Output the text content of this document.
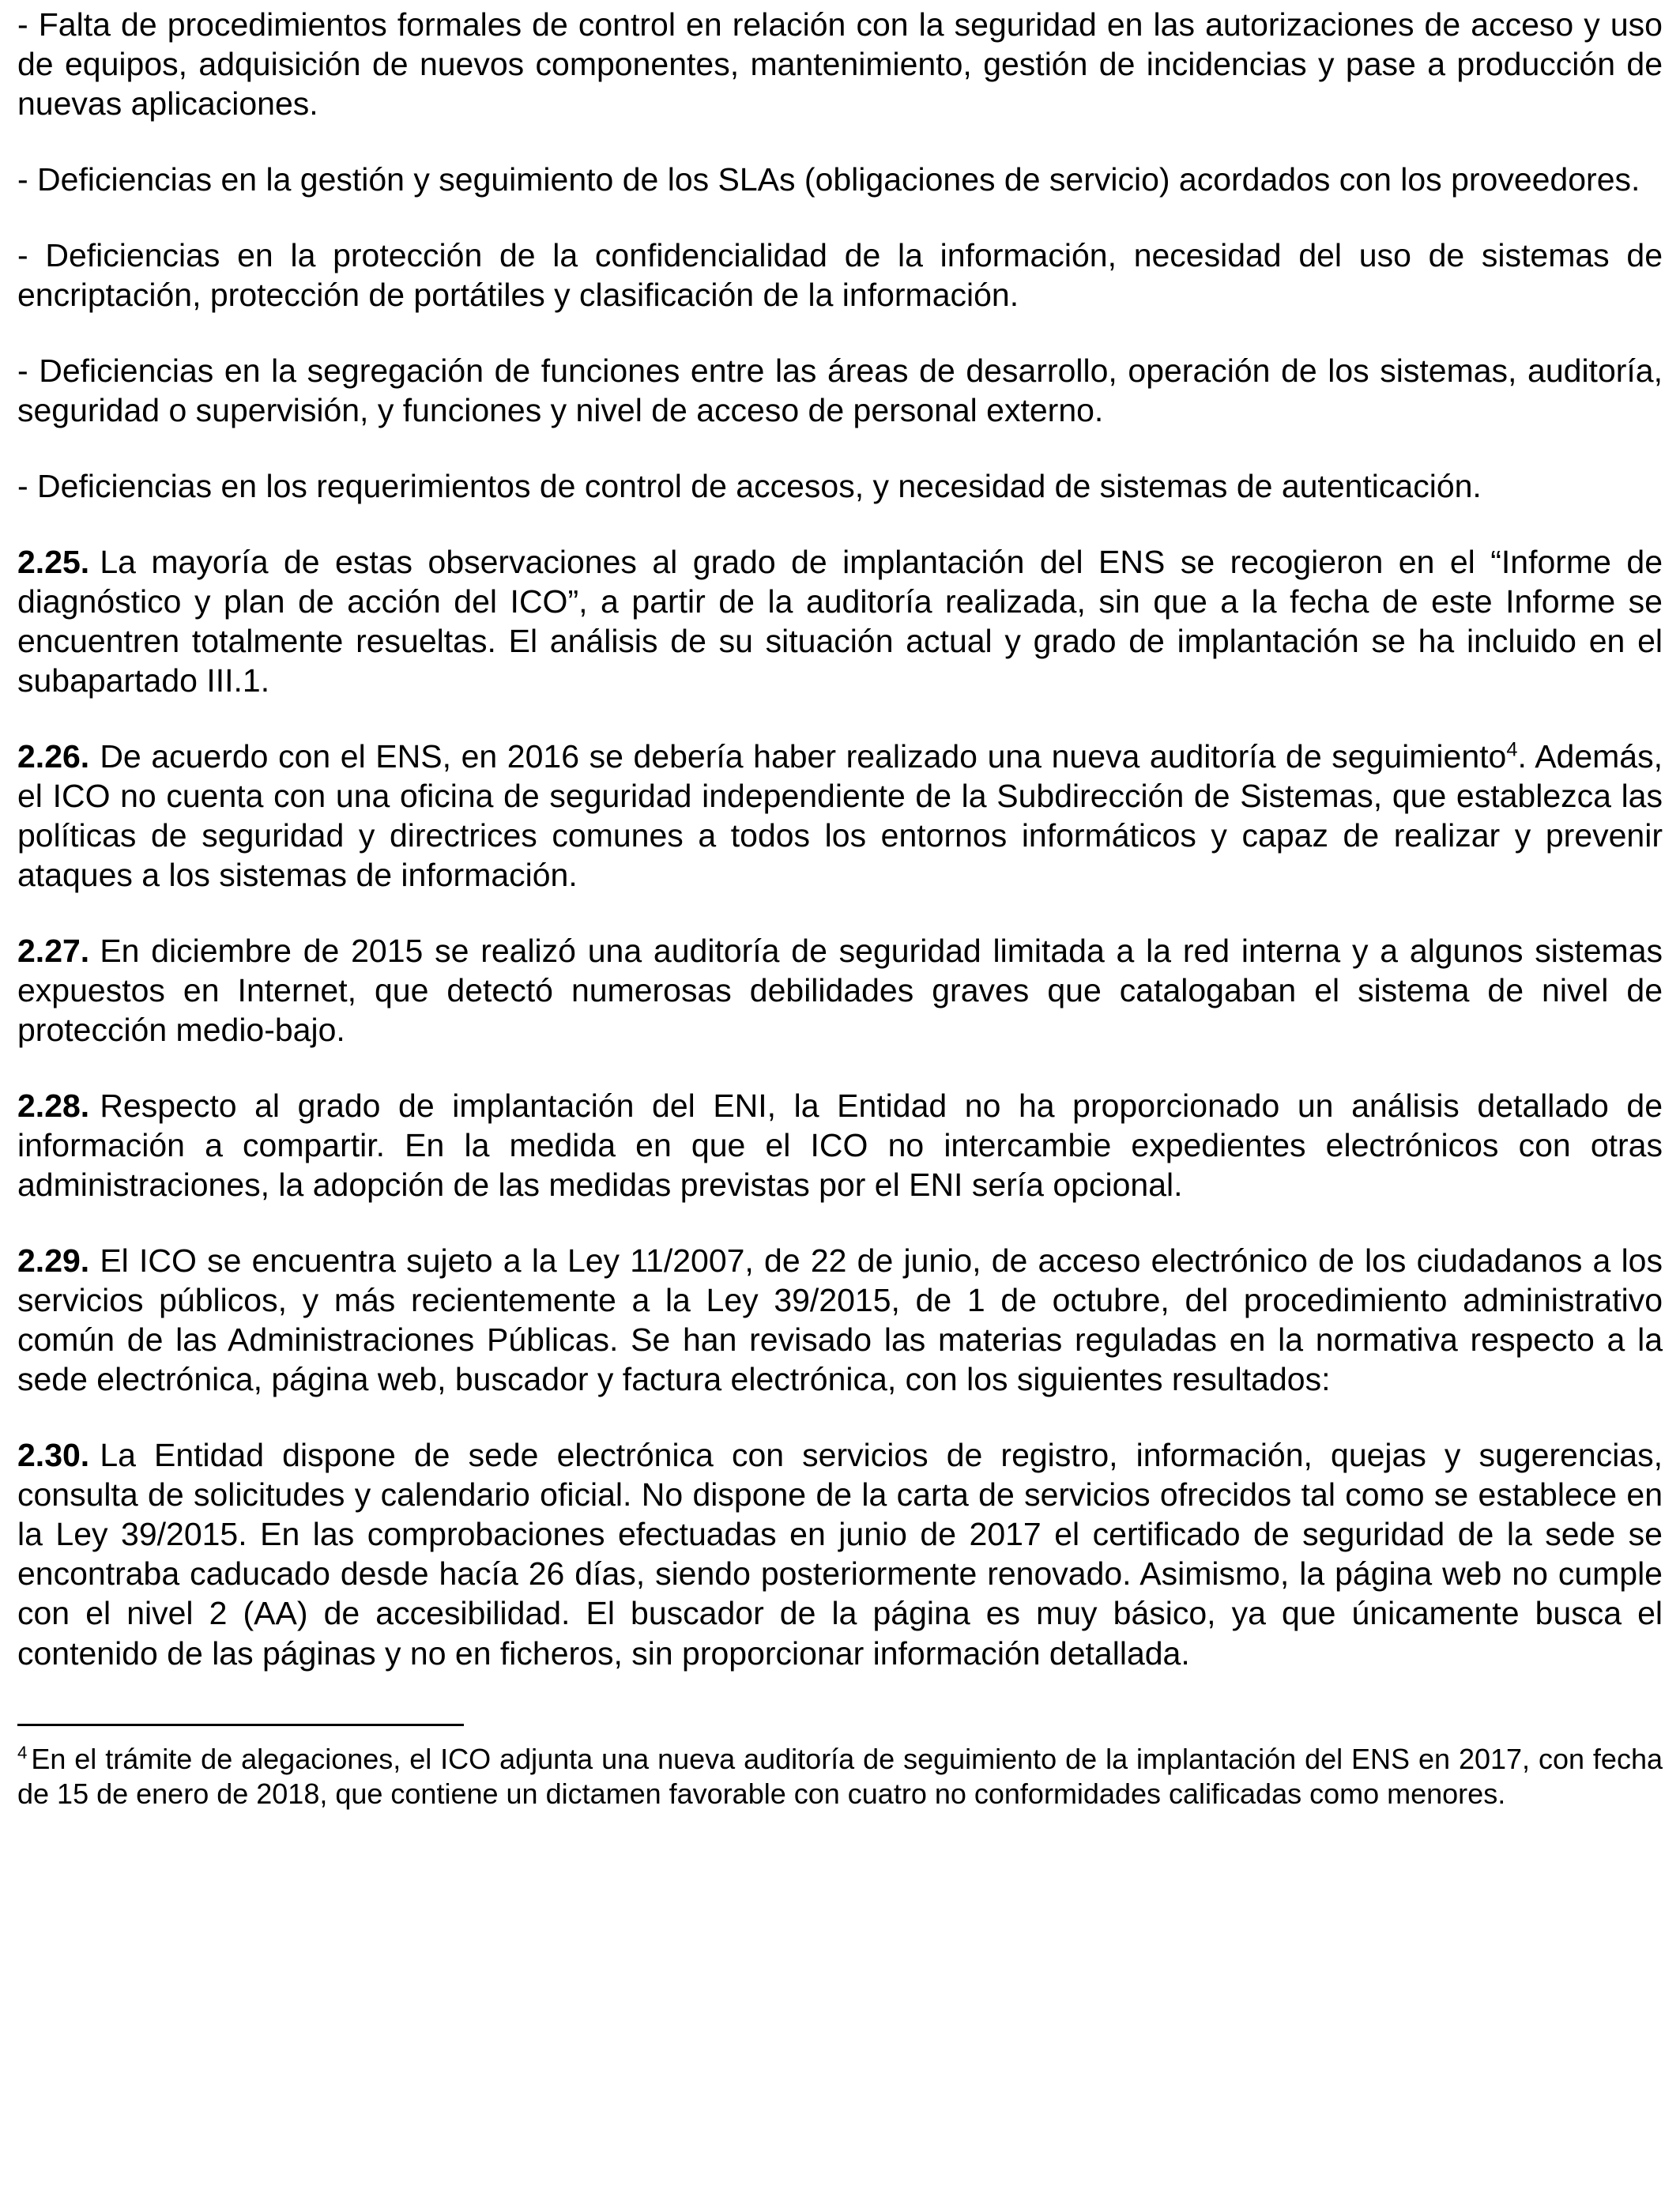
- Falta de procedimientos formales de control en relación con la seguridad en las autorizaciones de acceso y uso de equipos, adquisición de nuevos componentes, mantenimiento, gestión de incidencias y pase a producción de nuevas aplicaciones.

- Deficiencias en la gestión y seguimiento de los SLAs (obligaciones de servicio) acordados con los proveedores.

- Deficiencias en la protección de la confidencialidad de la información, necesidad del uso de sistemas de encriptación, protección de portátiles y clasificación de la información.

- Deficiencias en la segregación de funciones entre las áreas de desarrollo, operación de los sistemas, auditoría, seguridad o supervisión, y funciones y nivel de acceso de personal externo.

- Deficiencias en los requerimientos de control de accesos, y necesidad de sistemas de autenticación.

2.25. La mayoría de estas observaciones al grado de implantación del ENS se recogieron en el “Informe de diagnóstico y plan de acción del ICO”, a partir de la auditoría realizada, sin que a la fecha de este Informe se encuentren totalmente resueltas. El análisis de su situación actual y grado de implantación se ha incluido en el subapartado III.1.

2.26. De acuerdo con el ENS, en 2016 se debería haber realizado una nueva auditoría de seguimiento$^4$. Además, el ICO no cuenta con una oficina de seguridad independiente de la Subdirección de Sistemas, que establezca las políticas de seguridad y directrices comunes a todos los entornos informáticos y capaz de realizar y prevenir ataques a los sistemas de información.

2.27. En diciembre de 2015 se realizó una auditoría de seguridad limitada a la red interna y a algunos sistemas expuestos en Internet, que detectó numerosas debilidades graves que catalogaban el sistema de nivel de protección medio-bajo.

2.28. Respecto al grado de implantación del ENI, la Entidad no ha proporcionado un análisis detallado de información a compartir. En la medida en que el ICO no intercambie expedientes electrónicos con otras administraciones, la adopción de las medidas previstas por el ENI sería opcional.

2.29. El ICO se encuentra sujeto a la Ley 11/2007, de 22 de junio, de acceso electrónico de los ciudadanos a los servicios públicos, y más recientemente a la Ley 39/2015, de 1 de octubre, del procedimiento administrativo común de las Administraciones Públicas. Se han revisado las materias reguladas en la normativa respecto a la sede electrónica, página web, buscador y factura electrónica, con los siguientes resultados:

2.30. La Entidad dispone de sede electrónica con servicios de registro, información, quejas y sugerencias, consulta de solicitudes y calendario oficial. No dispone de la carta de servicios ofrecidos tal como se establece en la Ley 39/2015. En las comprobaciones efectuadas en junio de 2017 el certificado de seguridad de la sede se encontraba caducado desde hacía 26 días, siendo posteriormente renovado. Asimismo, la página web no cumple con el nivel 2 (AA) de accesibilidad. El buscador de la página es muy básico, ya que únicamente busca el contenido de las páginas y no en ficheros, sin proporcionar información detallada.

$^4$ En el trámite de alegaciones, el ICO adjunta una nueva auditoría de seguimiento de la implantación del ENS en 2017, con fecha de 15 de enero de 2018, que contiene un dictamen favorable con cuatro no conformidades calificadas como menores.
